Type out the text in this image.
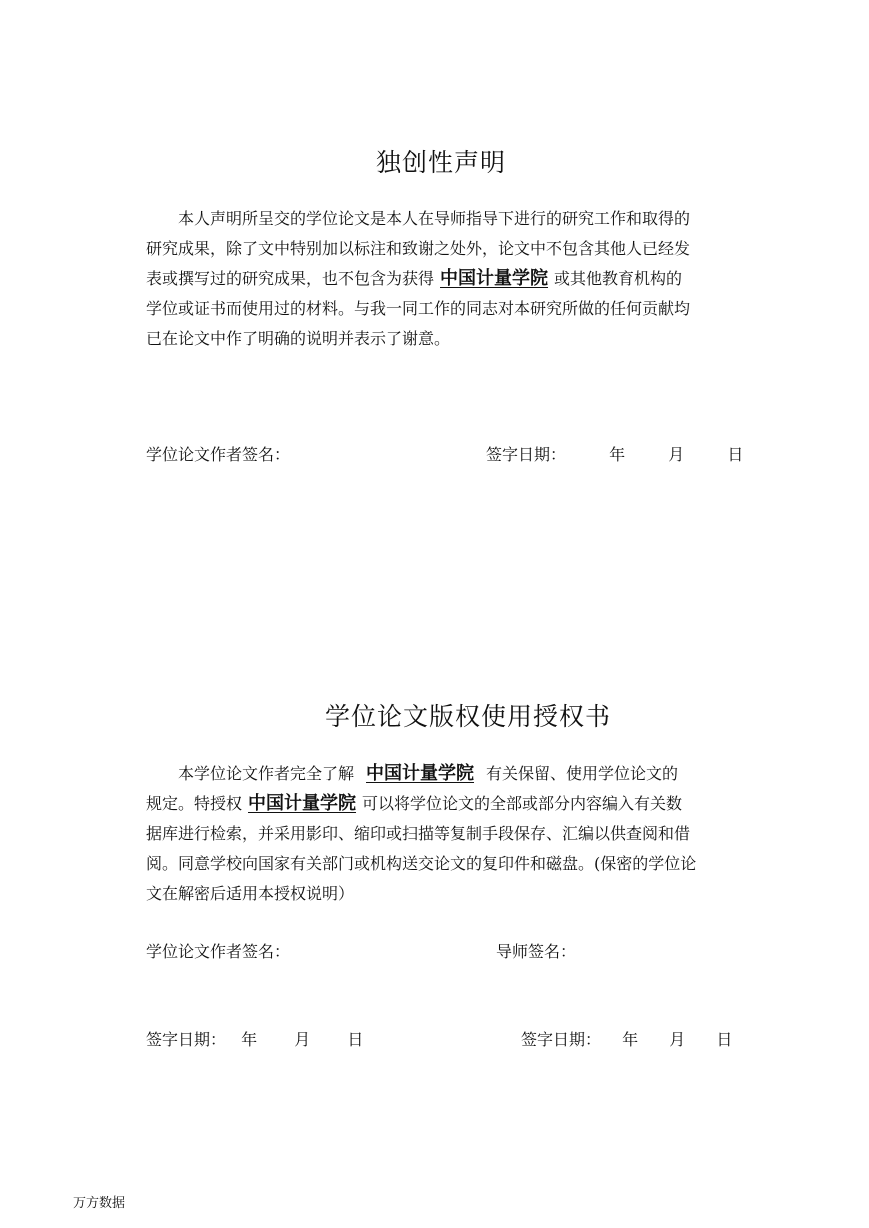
独创性声明
本人声明所呈交的学位论文是本人在导师指导下进行的研究工作和取得的
研究成果，除了文中特别加以标注和致谢之处外，论文中不包含其他人已经发
表或撰写过的研究成果，也不包含为获得 中国计量学院 或其他教育机构的
学位或证书而使用过的材料。与我一同工作的同志对本研究所做的任何贡献均
已在论文中作了明确的说明并表示了谢意。
学位论文作者签名：	签字日期：	年	月	日
学位论文版权使用授权书
本学位论文作者完全了解 中国计量学院 有关保留、使用学位论文的
规定。特授权 中国计量学院 可以将学位论文的全部或部分内容编入有关数
据库进行检索，并采用影印、缩印或扫描等复制手段保存、汇编以供查阅和借
阅。同意学校向国家有关部门或机构送交论文的复印件和磁盘。(保密的学位论
文在解密后适用本授权说明）
学位论文作者签名：	导师签名：
签字日期： 年 月 日	签字日期： 年 月 日
万方数据
